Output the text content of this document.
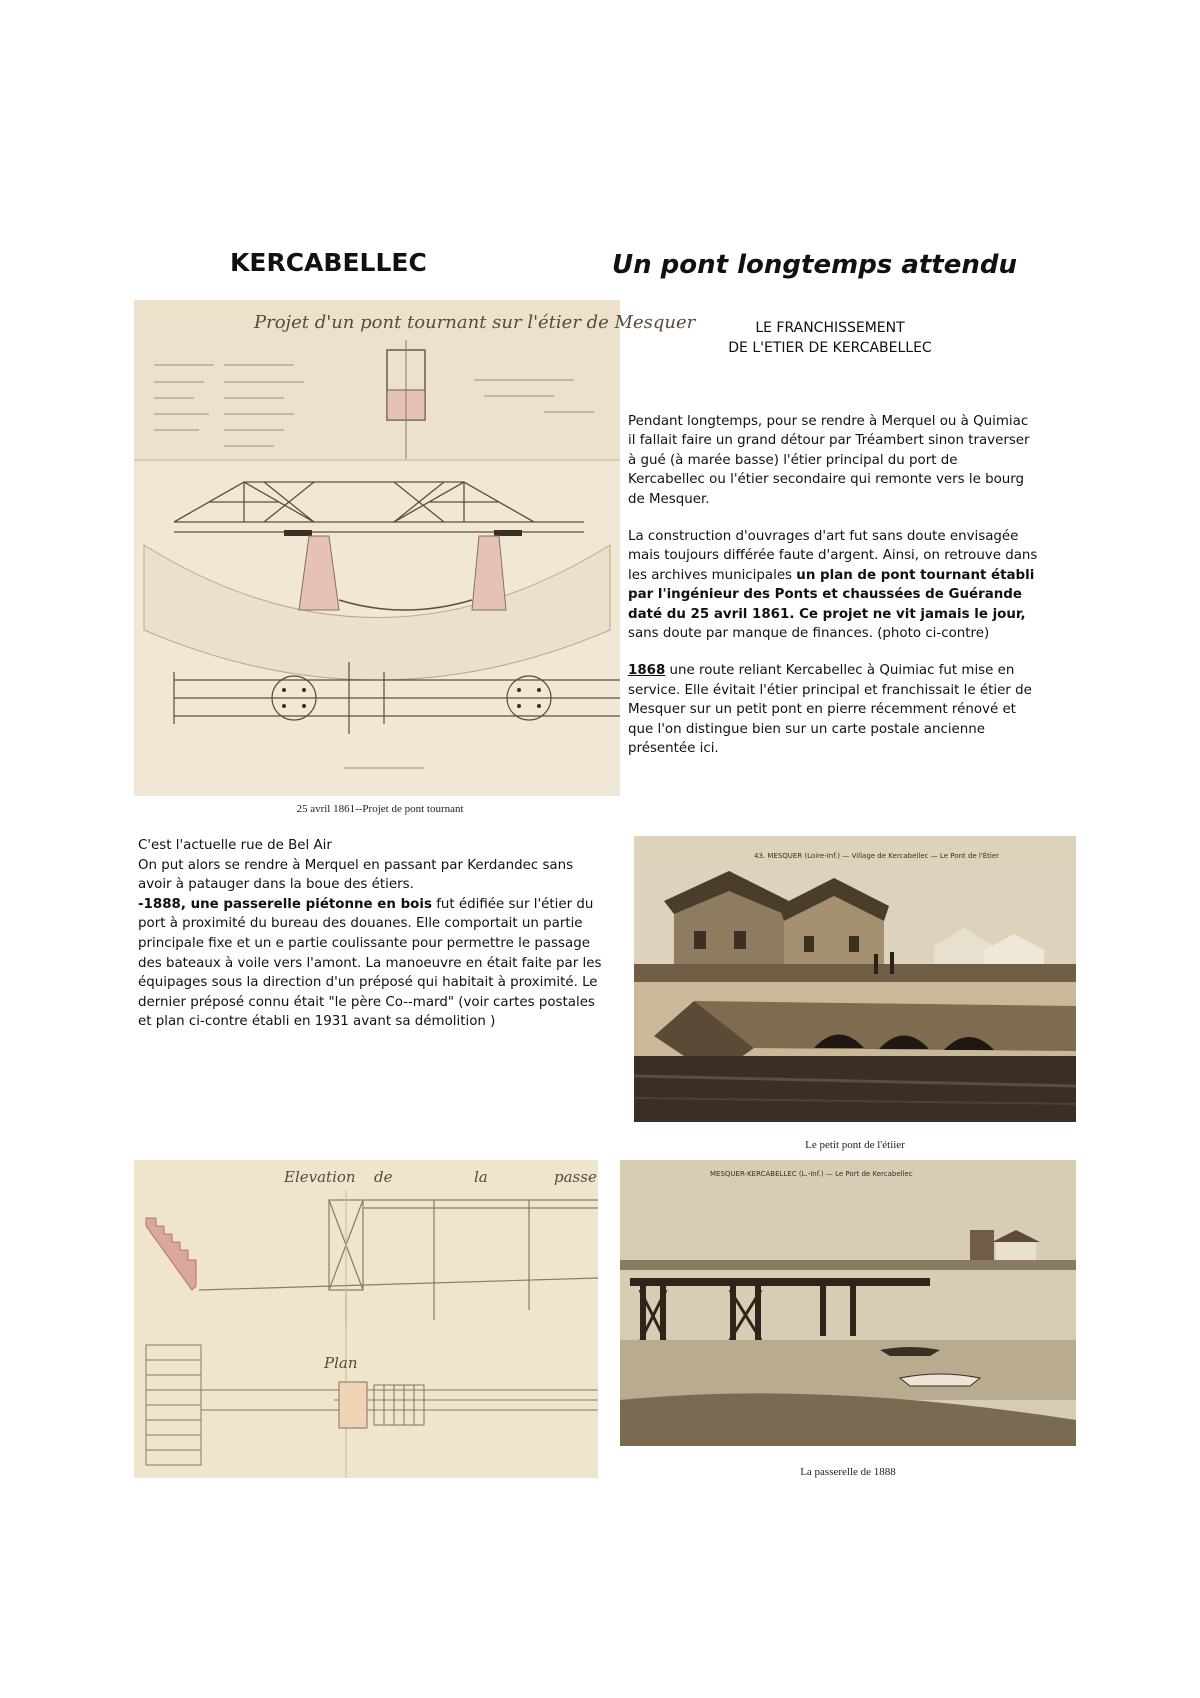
KERCABELLEC	Un pont longtemps attendu
Projet d'un pont tournant sur l'étier de Mesquer
25 avril 1861--Projet de pont tournant
LE FRANCHISSEMENT
DE L'ETIER DE KERCABELLEC

Pendant longtemps, pour se rendre à Merquel ou à Quimiac il fallait faire un grand détour par Tréambert sinon traverser à gué (à marée basse) l'étier principal du port de Kercabellec ou l'étier secondaire qui remonte vers le bourg de Mesquer.

La construction d'ouvrages d'art fut sans doute envisagée mais toujours différée faute d'argent. Ainsi, on retrouve dans les archives municipales un plan de pont tournant établi par l'ingénieur des Ponts et chaussées de Guérande daté du 25 avril 1861. Ce projet ne vit jamais le jour, sans doute par manque de finances. (photo ci-contre)

1868 une route reliant Kercabellec à Quimiac fut mise en service. Elle évitait l'étier principal et franchissait le étier de Mesquer sur un petit pont en pierre récemment rénové et que l'on distingue bien sur un carte postale ancienne présentée ici.

C'est l'actuelle rue de Bel Air

On put alors se rendre à Merquel en passant par Kerdandec sans avoir à patauger dans la boue des étiers.

-1888, une passerelle piétonne en bois fut édifiée sur l'étier du port à proximité du bureau des douanes. Elle comportait un partie principale fixe et un e partie coulissante pour permettre le passage des bateaux à voile vers l'amont. La manoeuvre en était faite par les équipages sous la direction d'un préposé qui habitait à proximité. Le dernier préposé connu était "le père Co--mard" (voir cartes postales et plan ci-contre établi en 1931 avant sa démolition )

43. MESQUER (Loire-Inf.) — Village de Kercabellec — Le Pont de l'Étier
Le petit pont de l'étiier
Elevation de	la	passe
Plan
MESQUER-KERCABELLEC (L.-Inf.) — Le Port de Kercabellec
La passerelle de 1888
